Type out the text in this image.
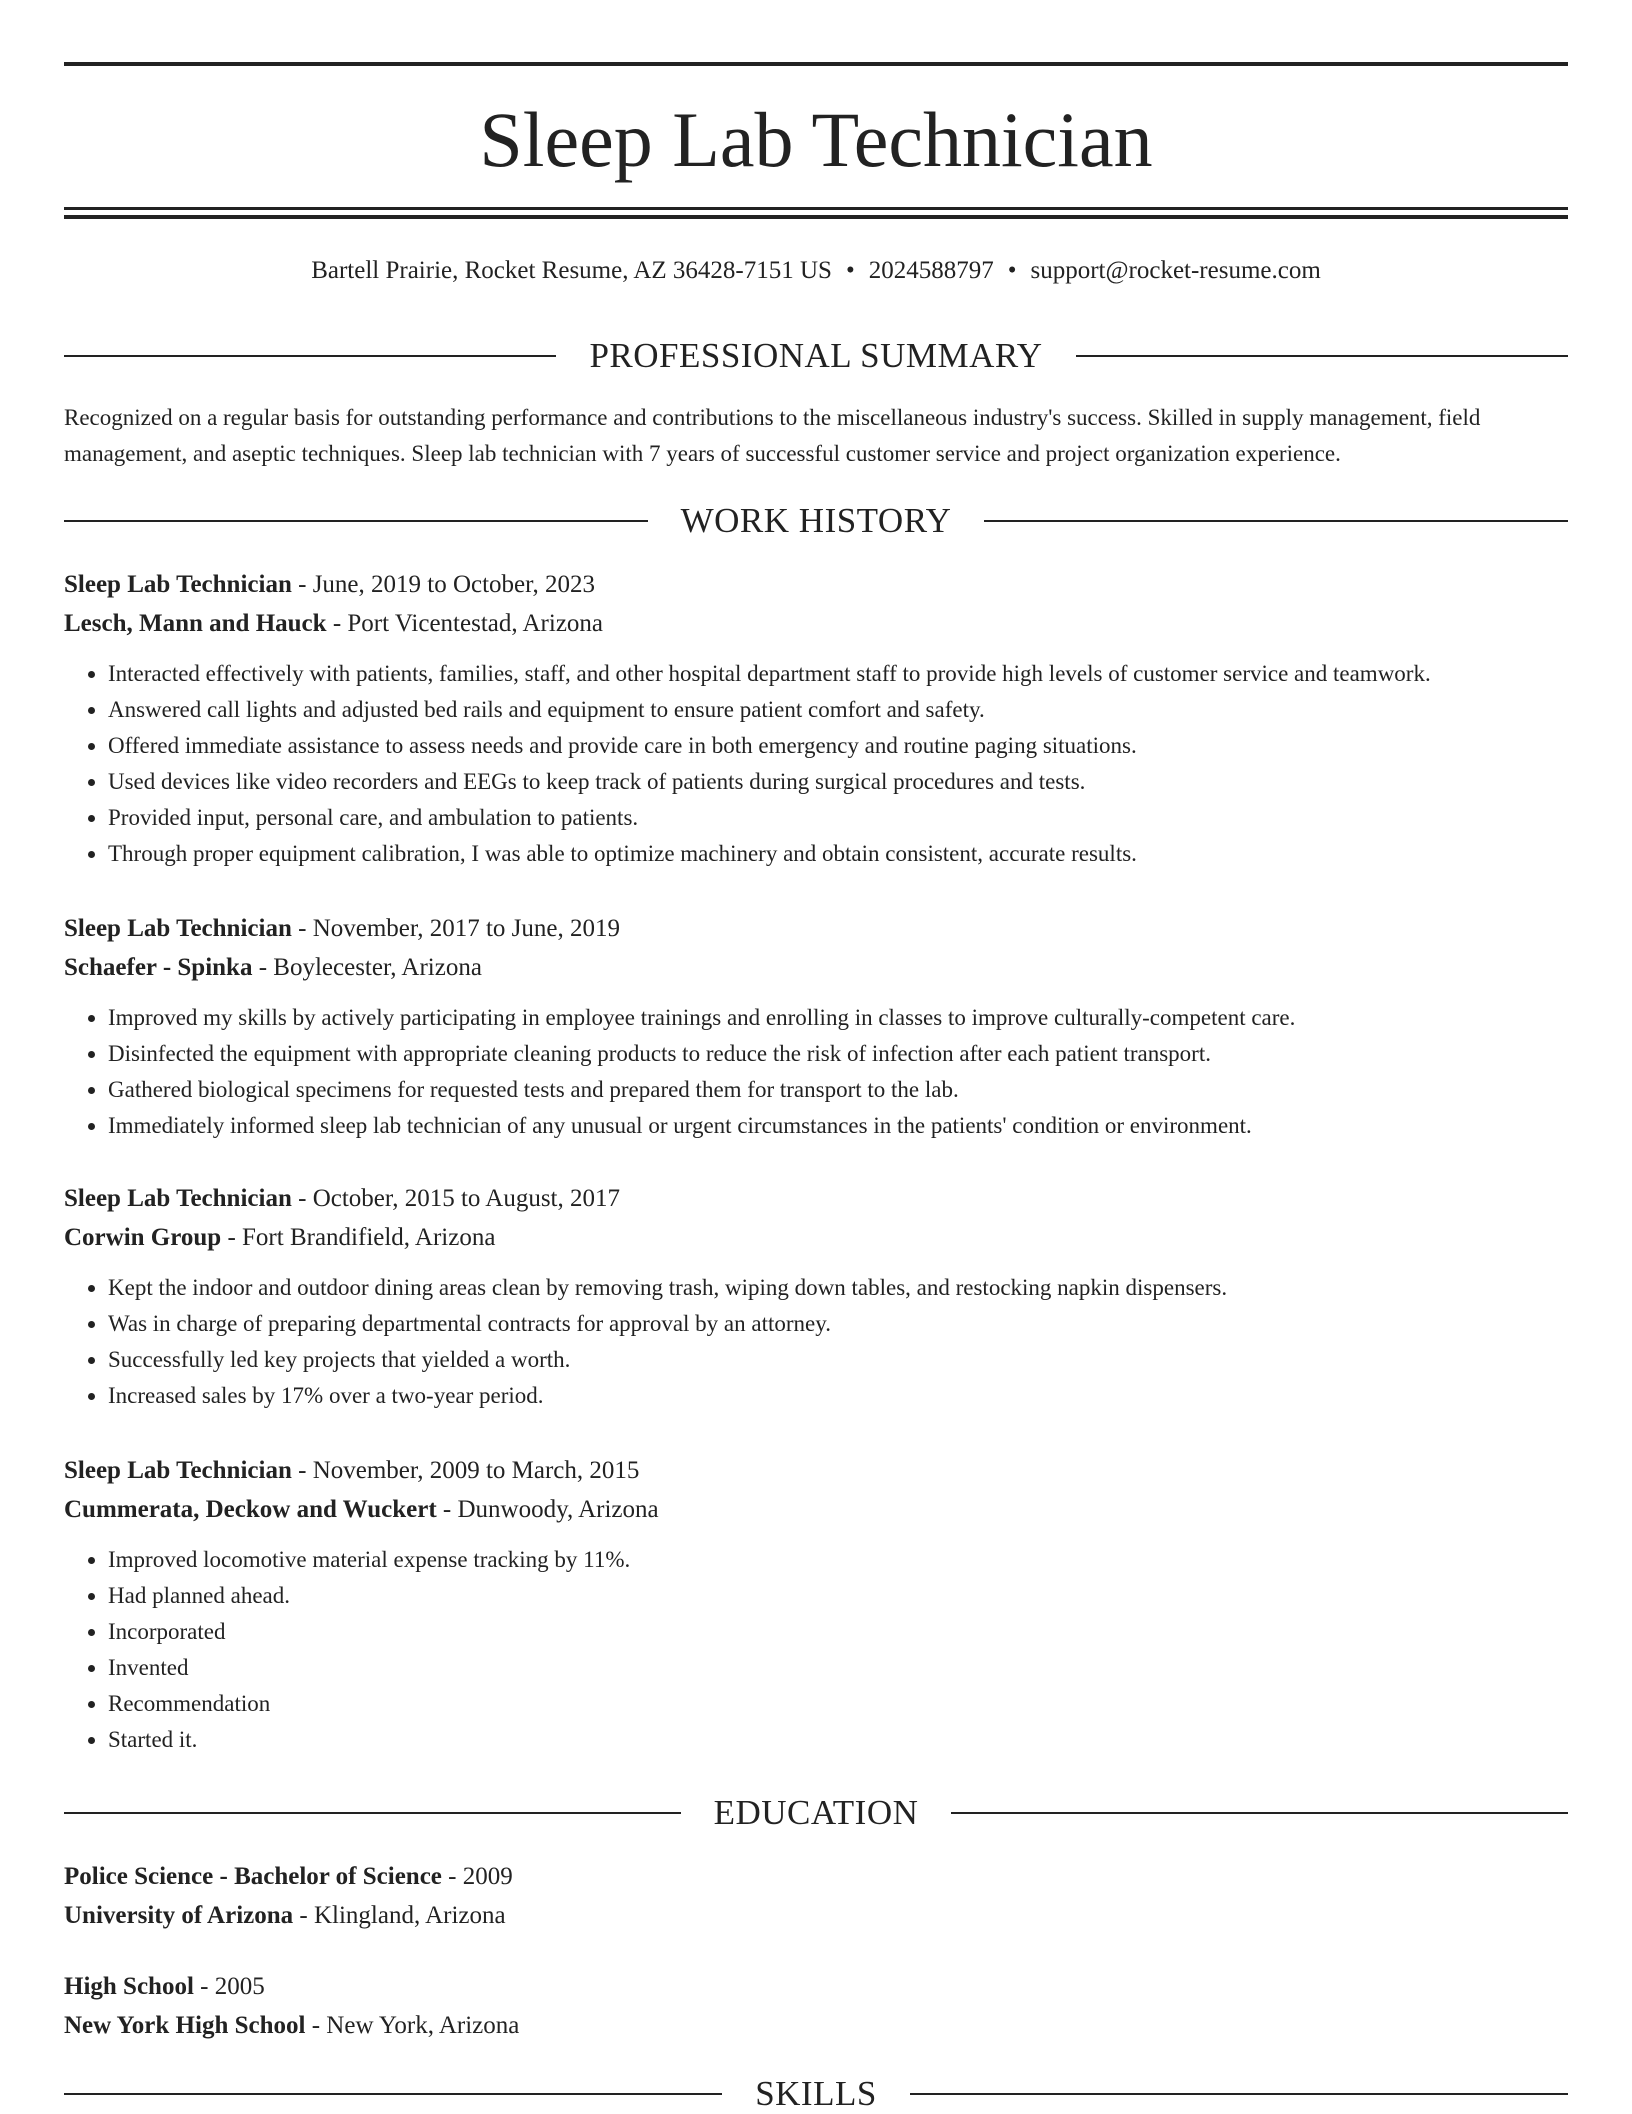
Sleep Lab Technician
Bartell Prairie, Rocket Resume, AZ 36428-7151 US • 2024588797 • support@rocket-resume.com
PROFESSIONAL SUMMARY

Recognized on a regular basis for outstanding performance and contributions to the miscellaneous industry's success. Skilled in supply management, field management, and aseptic techniques. Sleep lab technician with 7 years of successful customer service and project organization experience.

WORK HISTORY
Sleep Lab Technician - June, 2019 to October, 2023
Lesch, Mann and Hauck - Port Vicentestad, Arizona
• Interacted effectively with patients, families, staff, and other hospital department staff to provide high levels of customer service and teamwork.
• Answered call lights and adjusted bed rails and equipment to ensure patient comfort and safety.
• Offered immediate assistance to assess needs and provide care in both emergency and routine paging situations.
• Used devices like video recorders and EEGs to keep track of patients during surgical procedures and tests.
• Provided input, personal care, and ambulation to patients.
• Through proper equipment calibration, I was able to optimize machinery and obtain consistent, accurate results.
Sleep Lab Technician - November, 2017 to June, 2019
Schaefer - Spinka - Boylecester, Arizona
• Improved my skills by actively participating in employee trainings and enrolling in classes to improve culturally-competent care.
• Disinfected the equipment with appropriate cleaning products to reduce the risk of infection after each patient transport.
• Gathered biological specimens for requested tests and prepared them for transport to the lab.
• Immediately informed sleep lab technician of any unusual or urgent circumstances in the patients' condition or environment.
Sleep Lab Technician - October, 2015 to August, 2017
Corwin Group - Fort Brandifield, Arizona
• Kept the indoor and outdoor dining areas clean by removing trash, wiping down tables, and restocking napkin dispensers.
• Was in charge of preparing departmental contracts for approval by an attorney.
• Successfully led key projects that yielded a worth.
• Increased sales by 17% over a two-year period.
Sleep Lab Technician - November, 2009 to March, 2015
Cummerata, Deckow and Wuckert - Dunwoody, Arizona
• Improved locomotive material expense tracking by 11%.
• Had planned ahead.
• Incorporated
• Invented
• Recommendation
• Started it.
EDUCATION
Police Science - Bachelor of Science - 2009
University of Arizona - Klingland, Arizona
High School - 2005
New York High School - New York, Arizona
SKILLS
